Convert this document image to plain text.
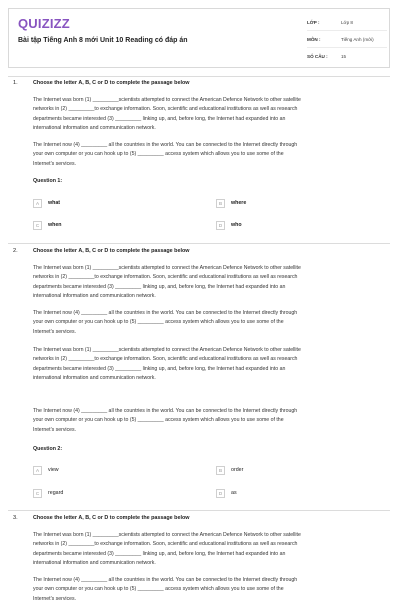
QUIZIZZ
Bài tập Tiếng Anh 8 mới Unit 10 Reading có đáp án
LỚP :	Lớp 8
MÔN :	Tiếng Anh (mới)
SỐ CÂU :	15
1.	Choose the letter A, B, C or D to complete the passage below

The Internet was born (1) _________scientists attempted to connect the American Defence Network to other satellite
networks in (2) _________to exchange information. Soon, scientific and educational institutions as well as research
departments became interested (3) _________ linking up, and, before long, the Internet had expanded into an
international information and communication network.

The Internet now (4) _________ all the countries in the world. You can be connected to the Internet directly through
your own computer or you can hook up to (5) _________ access system which allows you to use some of the
Internet's services.

Question 1:
A	what	B	where
C	when	D	who
2.	Choose the letter A, B, C or D to complete the passage below

The Internet was born (1) _________scientists attempted to connect the American Defence Network to other satellite
networks in (2) _________to exchange information. Soon, scientific and educational institutions as well as research
departments became interested (3) _________ linking up, and, before long, the Internet had expanded into an
international information and communication network.

The Internet now (4) _________ all the countries in the world. You can be connected to the Internet directly through
your own computer or you can hook up to (5) _________ access system which allows you to use some of the
Internet's services.

The Internet was born (1) _________scientists attempted to connect the American Defence Network to other satellite
networks in (2) _________to exchange information. Soon, scientific and educational institutions as well as research
departments became interested (3) _________ linking up, and, before long, the Internet had expanded into an
international information and communication network.

The Internet now (4) _________ all the countries in the world. You can be connected to the Internet directly through
your own computer or you can hook up to (5) _________ access system which allows you to use some of the
Internet's services.

Question 2:
A	view	B	order
C	regard	D	as
3.	Choose the letter A, B, C or D to complete the passage below

The Internet was born (1) _________scientists attempted to connect the American Defence Network to other satellite
networks in (2) _________to exchange information. Soon, scientific and educational institutions as well as research
departments became interested (3) _________ linking up, and, before long, the Internet had expanded into an
international information and communication network.

The Internet now (4) _________ all the countries in the world. You can be connected to the Internet directly through
your own computer or you can hook up to (5) _________ access system which allows you to use some of the
Internet's services.
